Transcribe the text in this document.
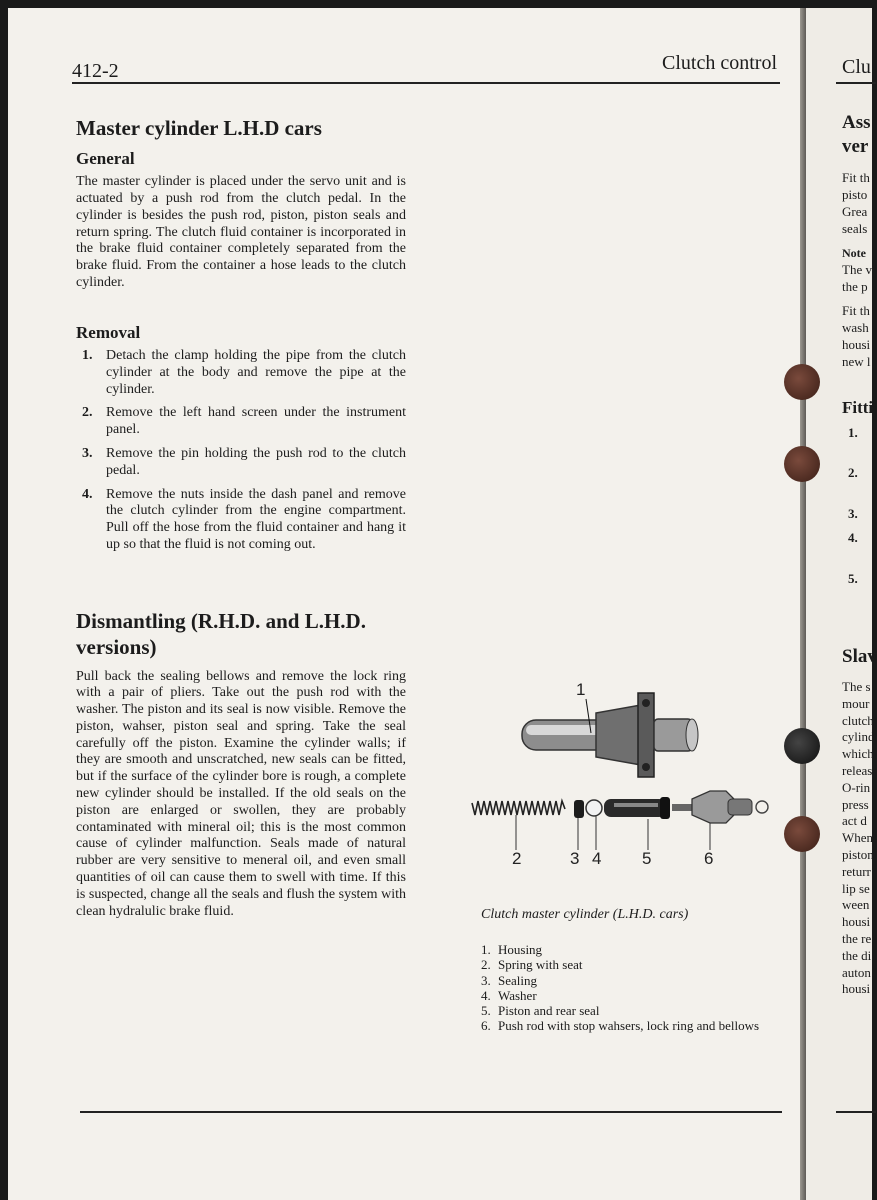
412-2	Clutch control
Master cylinder L.H.D cars
General

The master cylinder is placed under the servo unit and is actuated by a push rod from the clutch pedal. In the cylinder is besides the push rod, piston, piston seals and return spring. The clutch fluid container is incorporated in the brake fluid container completely separated from the brake fluid. From the container a hose leads to the clutch cylinder.

Removal
1. Detach the clamp holding the pipe from the clutch cylinder at the body and remove the pipe at the cylinder.
2. Remove the left hand screen under the instrument panel.
3. Remove the pin holding the push rod to the clutch pedal.
4. Remove the nuts inside the dash panel and remove the clutch cylinder from the engine compartment. Pull off the hose from the fluid container and hang it up so that the fluid is not coming out.
Dismantling (R.H.D. and L.H.D. versions)

Pull back the sealing bellows and remove the lock ring with a pair of pliers. Take out the push rod with the washer. The piston and its seal is now visible. Remove the piston, wahser, piston seal and spring. Take the seal carefully off the piston. Examine the cylinder walls; if they are smooth and unscratched, new seals can be fitted, but if the surface of the cylinder bore is rough, a complete new cylinder should be installed. If the old seals on the piston are enlarged or swollen, they are probably contaminated with mineral oil; this is the most common cause of cylinder malfunction. Seals made of natural rubber are very sensitive to meneral oil, and even small quantities of oil can cause them to swell with time. If this is suspected, change all the seals and flush the system with clean hydralulic brake fluid.

1
2	3 4 5	6
Clutch master cylinder (L.H.D. cars)
1. Housing
2. Spring with seat
3. Sealing
4. Washer
5. Piston and rear seal
6. Push rod with stop wahsers, lock ring and bellows
Clu
Ass
ver
Fit th
pisto
Grea
seals
Note
The v
the p
Fit th
wash
housi
new l
Fitti
1.
2.
3.
4.
5.
Slav
The s
mour
clutch
cylind
which
releas
O-rin
press
act d
When
piston
returr
lip se
ween
housi
the re
the di
auton
housi
